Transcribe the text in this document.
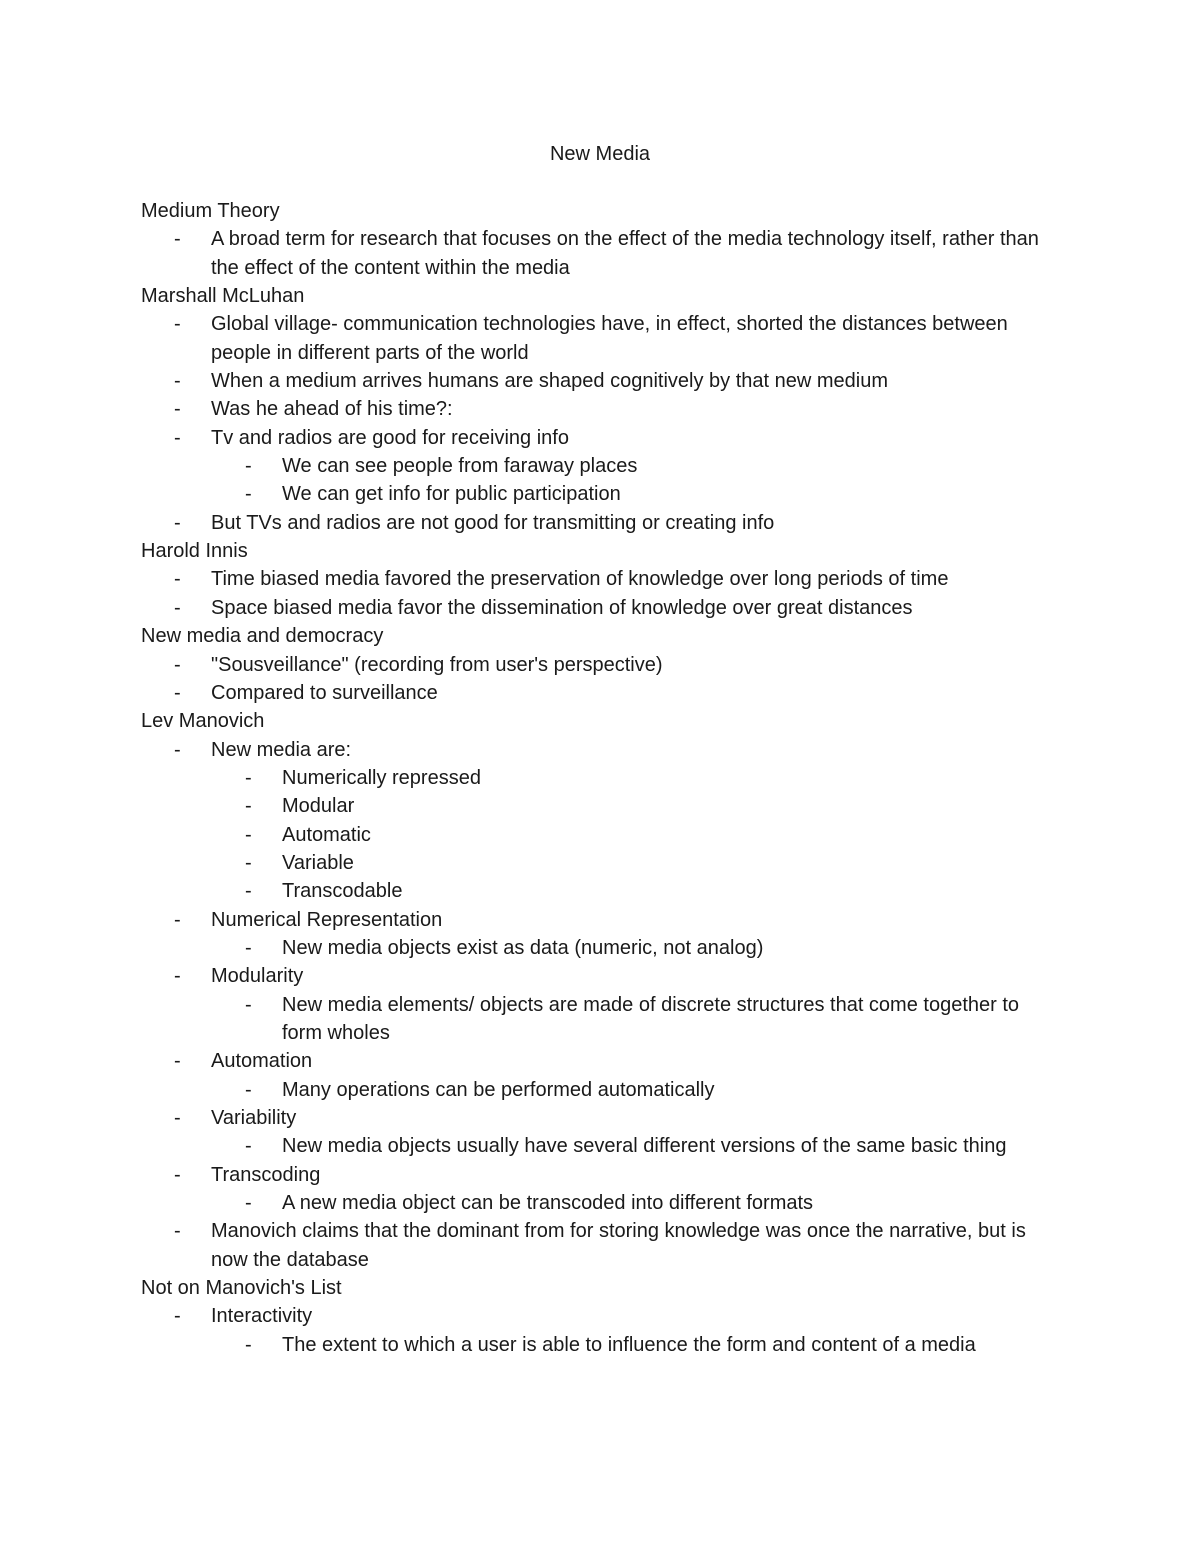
New Media
Medium Theory
- A broad term for research that focuses on the effect of the media technology itself, rather than the effect of the content within the media
Marshall McLuhan
- Global village- communication technologies have, in effect, shorted the distances between people in different parts of the world
- When a medium arrives humans are shaped cognitively by that new medium
- Was he ahead of his time?:
- Tv and radios are good for receiving info
- We can see people from faraway places
- We can get info for public participation
- But TVs and radios are not good for transmitting or creating info
Harold Innis
- Time biased media favored the preservation of knowledge over long periods of time
- Space biased media favor the dissemination of knowledge over great distances
New media and democracy
- "Sousveillance" (recording from user's perspective)
- Compared to surveillance
Lev Manovich
- New media are:
- Numerically repressed
- Modular
- Automatic
- Variable
- Transcodable
- Numerical Representation
- New media objects exist as data (numeric, not analog)
- Modularity
- New media elements/ objects are made of discrete structures that come together to form wholes
- Automation
- Many operations can be performed automatically
- Variability
- New media objects usually have several different versions of the same basic thing
- Transcoding
- A new media object can be transcoded into different formats
- Manovich claims that the dominant from for storing knowledge was once the narrative, but is now the database
Not on Manovich's List
- Interactivity
- The extent to which a user is able to influence the form and content of a media
